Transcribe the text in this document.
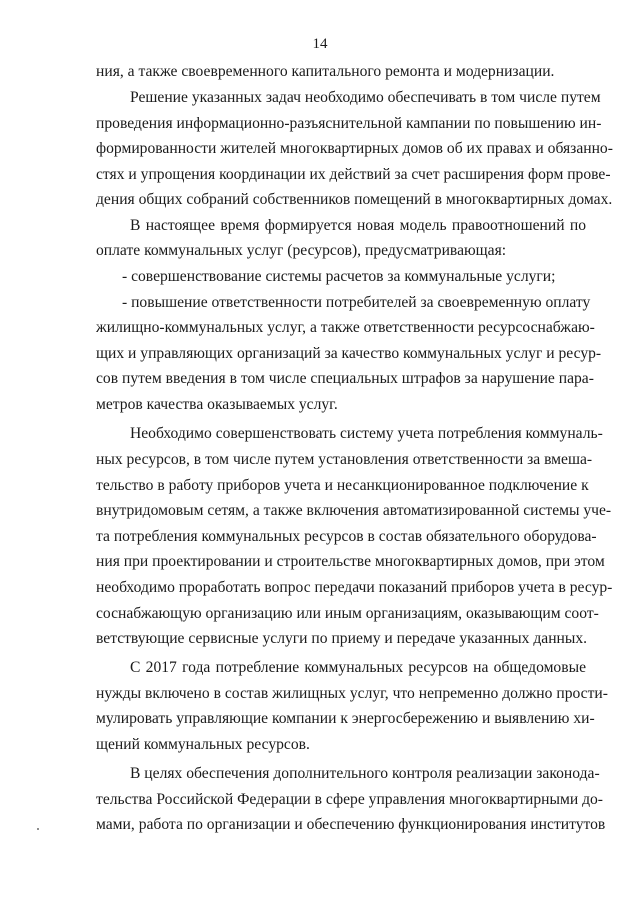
14
ния, а также своевременного капитального ремонта и модернизации.
Решение указанных задач необходимо обеспечивать в том числе путем
проведения информационно-разъяснительной кампании по повышению ин-
формированности жителей многоквартирных домов об их правах и обязанно-
стях и упрощения координации их действий за счет расширения форм прове-
дения общих собраний собственников помещений в многоквартирных домах.
В настоящее время формируется новая модель правоотношений по
оплате коммунальных услуг (ресурсов), предусматривающая:
- совершенствование системы расчетов за коммунальные услуги;
- повышение ответственности потребителей за своевременную оплату
жилищно-коммунальных услуг, а также ответственности ресурсоснабжаю-
щих и управляющих организаций за качество коммунальных услуг и ресур-
сов путем введения в том числе специальных штрафов за нарушение пара-
метров качества оказываемых услуг.
Необходимо совершенствовать систему учета потребления коммуналь-
ных ресурсов, в том числе путем установления ответственности за вмеша-
тельство в работу приборов учета и несанкционированное подключение к
внутридомовым сетям, а также включения автоматизированной системы уче-
та потребления коммунальных ресурсов в состав обязательного оборудова-
ния при проектировании и строительстве многоквартирных домов, при этом
необходимо проработать вопрос передачи показаний приборов учета в ресур-
соснабжающую организацию или иным организациям, оказывающим соот-
ветствующие сервисные услуги по приему и передаче указанных данных.
С 2017 года потребление коммунальных ресурсов на общедомовые
нужды включено в состав жилищных услуг, что непременно должно прости-
мулировать управляющие компании к энергосбережению и выявлению хи-
щений коммунальных ресурсов.
В целях обеспечения дополнительного контроля реализации законода-
тельства Российской Федерации в сфере управления многоквартирными до-
мами, работа по организации и обеспечению функционирования институтов
